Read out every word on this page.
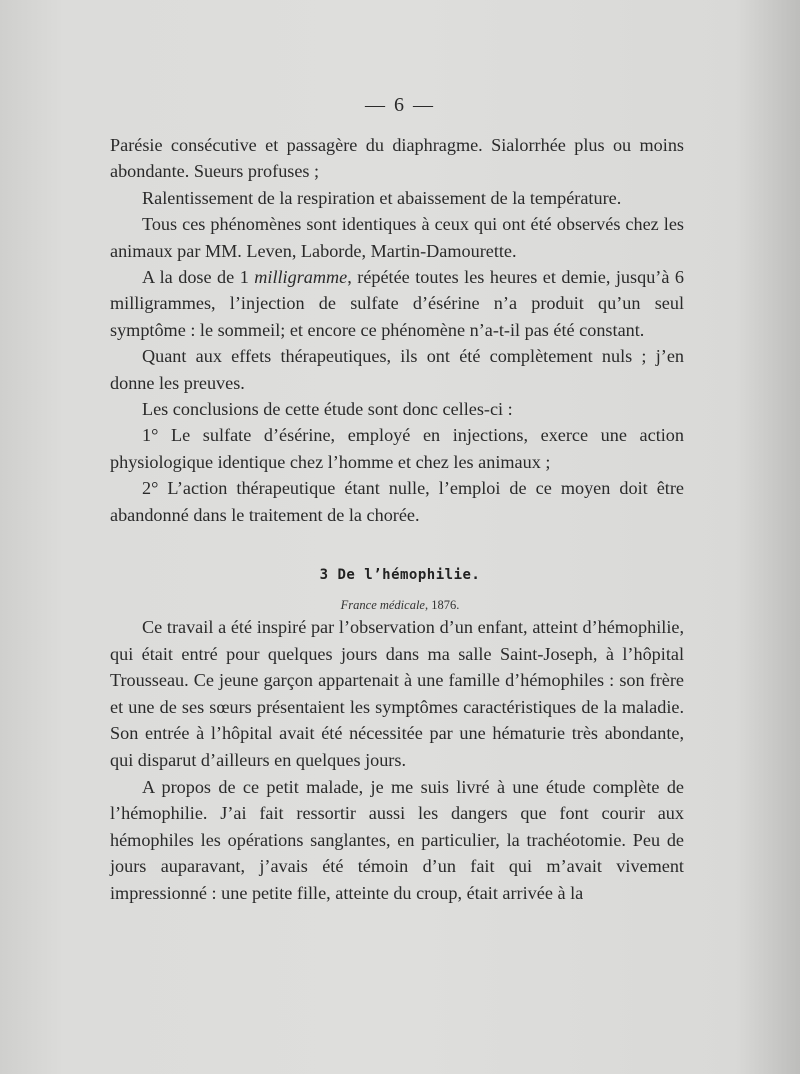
— 6 —

Parésie consécutive et passagère du diaphragme. Sialorrhée plus ou moins abondante. Sueurs profuses ;

Ralentissement de la respiration et abaissement de la température.

Tous ces phénomènes sont identiques à ceux qui ont été observés chez les animaux par MM. Leven, Laborde, Martin-Damourette.

A la dose de 1 milligramme, répétée toutes les heures et demie, jusqu’à 6 milligrammes, l’injection de sulfate d’ésérine n’a produit qu’un seul symptôme : le sommeil; et encore ce phénomène n’a-t-il pas été constant.

Quant aux effets thérapeutiques, ils ont été complètement nuls ; j’en donne les preuves.

Les conclusions de cette étude sont donc celles-ci :

1° Le sulfate d’ésérine, employé en injections, exerce une action physiologique identique chez l’homme et chez les animaux ;

2° L’action thérapeutique étant nulle, l’emploi de ce moyen doit être abandonné dans le traitement de la chorée.

3 De l’hémophilie.
France médicale, 1876.

Ce travail a été inspiré par l’observation d’un enfant, atteint d’hémophilie, qui était entré pour quelques jours dans ma salle Saint-Joseph, à l’hôpital Trousseau. Ce jeune garçon appartenait à une famille d’hémophiles : son frère et une de ses sœurs présentaient les symptômes caractéristiques de la maladie. Son entrée à l’hôpital avait été nécessitée par une hématurie très abondante, qui disparut d’ailleurs en quelques jours.

A propos de ce petit malade, je me suis livré à une étude complète de l’hémophilie. J’ai fait ressortir aussi les dangers que font courir aux hémophiles les opérations sanglantes, en particulier, la trachéotomie. Peu de jours auparavant, j’avais été témoin d’un fait qui m’avait vivement impressionné : une petite fille, atteinte du croup, était arrivée à la
